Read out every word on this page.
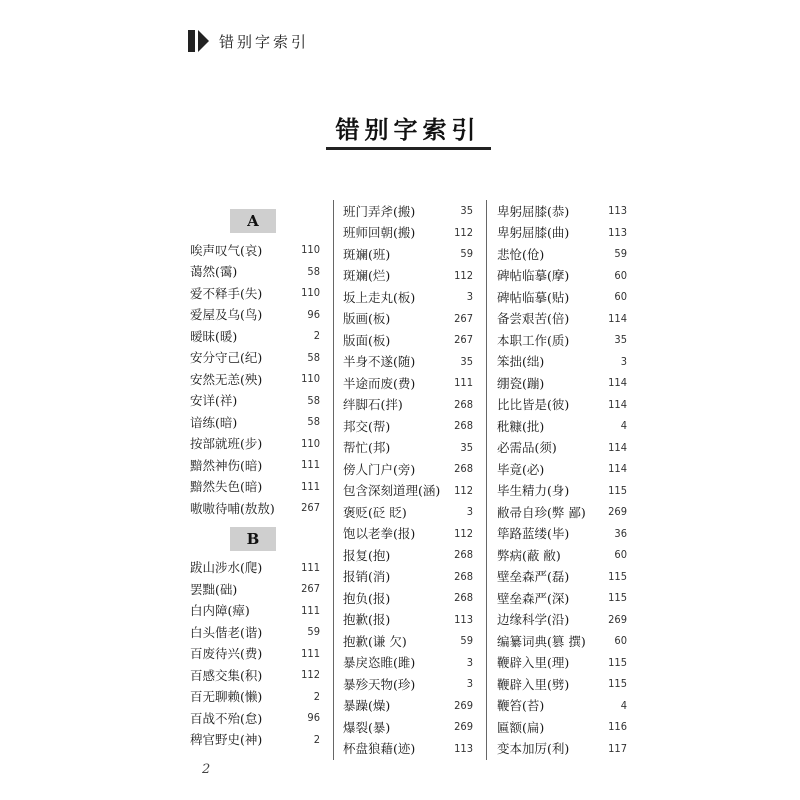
错别字索引
错别字索引
A
唉声叹气(哀)	110
蔼然(霭)	58
爱不释手(失)	110
爱屋及乌(鸟)	96
暧昧(暖)	2
安分守己(纪)	58
安然无恙(殃)	110
安详(祥)	58
谙练(暗)	58
按部就班(步)	110
黯然神伤(暗)	111
黯然失色(暗)	111
嗷嗷待哺(敖敖) 267
B
跋山涉水(爬)	111
罢黜(础)	267
白内障(瘴)	111
白头偕老(谐)	59
百废待兴(费)	111
百感交集(积)	112
百无聊赖(懒)	2
百战不殆(怠)	96
稗官野史(神)	2
班门弄斧(搬)	35
班师回朝(搬)	112
斑斓(班)	59
斑斓(烂)	112
坂上走丸(板)	3
版画(板)	267
版面(板)	267
半身不遂(随)	35
半途而废(费)	111
绊脚石(拌)	268
邦交(帮)	268
帮忙(邦)	35
傍人门户(旁)	268
包含深刻道理(涵) 112
褒贬(砭 眨)	3
饱以老拳(报)	112
报复(抱)	268
报销(消)	268
抱负(报)	268
抱歉(报)	113
抱歉(谦 欠)	59
暴戾恣睢(雎)	3
暴殄天物(珍)	3
暴躁(燥)	269
爆裂(暴)	269
杯盘狼藉(迹)	113
卑躬屈膝(恭)	113
卑躬屈膝(曲)	113
悲怆(伧)	59
碑帖临摹(摩)	60
碑帖临摹(贴)	60
备尝艰苦(倍)	114
本职工作(质)	35
笨拙(绌)	3
绷瓷(蹦)	114
比比皆是(彼)	114
秕糠(批)	4
必需品(须)	114
毕竟(必)	114
毕生精力(身)	115
敝帚自珍(弊 鄙) 269
筚路蓝缕(毕)	36
弊病(蔽 敝)	60
壁垒森严(磊)	115
壁垒森严(深)	115
边缘科学(沿)	269
编纂词典(篡 撰)	60
鞭辟入里(理)	115
鞭辟入里(劈)	115
鞭笞(苔)	4
匾额(扁)	116
变本加厉(利)	117
2
